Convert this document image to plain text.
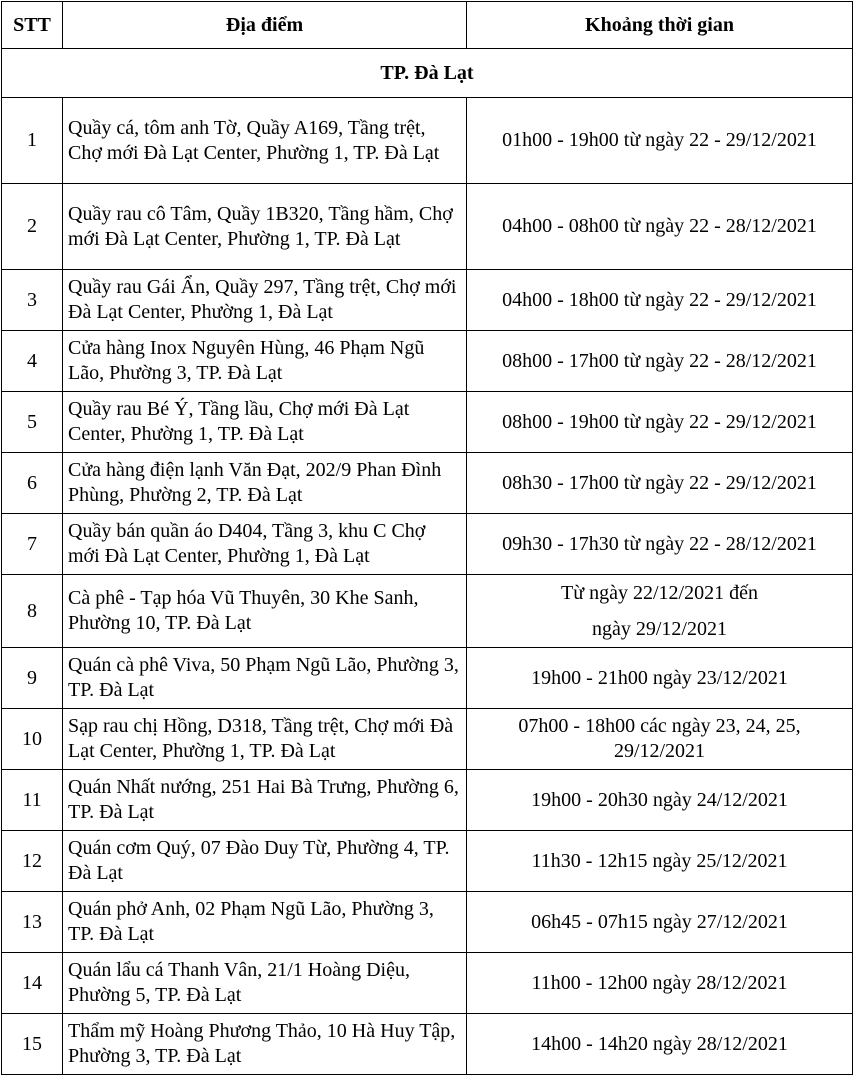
STT	Địa điểm	Khoảng thời gian
TP. Đà Lạt		
1	Quầy cá, tôm anh Tờ, Quầy A169, Tầng trệt, Chợ mới Đà Lạt Center, Phường 1, TP. Đà Lạt	01h00 - 19h00 từ ngày 22 - 29/12/2021
2	Quầy rau cô Tâm, Quầy 1B320, Tầng hầm, Chợ mới Đà Lạt Center, Phường 1, TP. Đà Lạt	04h00 - 08h00 từ ngày 22 - 28/12/2021
3	Quầy rau Gái Ẩn, Quầy 297, Tầng trệt, Chợ mới Đà Lạt Center, Phường 1, Đà Lạt	04h00 - 18h00 từ ngày 22 - 29/12/2021
4	Cửa hàng Inox Nguyên Hùng, 46 Phạm Ngũ Lão, Phường 3, TP. Đà Lạt	08h00 - 17h00 từ ngày 22 - 28/12/2021
5	Quầy rau Bé Ý, Tầng lầu, Chợ mới Đà Lạt Center, Phường 1, TP. Đà Lạt	08h00 - 19h00 từ ngày 22 - 29/12/2021
6	Cửa hàng điện lạnh Văn Đạt, 202/9 Phan Đình Phùng, Phường 2, TP. Đà Lạt	08h30 - 17h00 từ ngày 22 - 29/12/2021
7	Quầy bán quần áo D404, Tầng 3, khu C Chợ mới Đà Lạt Center, Phường 1, Đà Lạt	09h30 - 17h30 từ ngày 22 - 28/12/2021
8	Cà phê - Tạp hóa Vũ Thuyên, 30 Khe Sanh, Phường 10, TP. Đà Lạt	Từ ngày 22/12/2021 đến
ngày 29/12/2021

9	Quán cà phê Viva, 50 Phạm Ngũ Lão, Phường 3, TP. Đà Lạt	19h00 - 21h00 ngày 23/12/2021
10	Sạp rau chị Hồng, D318, Tầng trệt, Chợ mới Đà Lạt Center, Phường 1, TP. Đà Lạt	07h00 - 18h00 các ngày 23, 24, 25, 29/12/2021
11	Quán Nhất nướng, 251 Hai Bà Trưng, Phường 6, TP. Đà Lạt	19h00 - 20h30 ngày 24/12/2021
12	Quán cơm Quý, 07 Đào Duy Từ, Phường 4, TP. Đà Lạt	11h30 - 12h15 ngày 25/12/2021
13	Quán phở Anh, 02 Phạm Ngũ Lão, Phường 3, TP. Đà Lạt	06h45 - 07h15 ngày 27/12/2021
14	Quán lẩu cá Thanh Vân, 21/1 Hoàng Diệu, Phường 5, TP. Đà Lạt	11h00 - 12h00 ngày 28/12/2021
15	Thẩm mỹ Hoàng Phương Thảo, 10 Hà Huy Tập, Phường 3, TP. Đà Lạt	14h00 - 14h20 ngày 28/12/2021
